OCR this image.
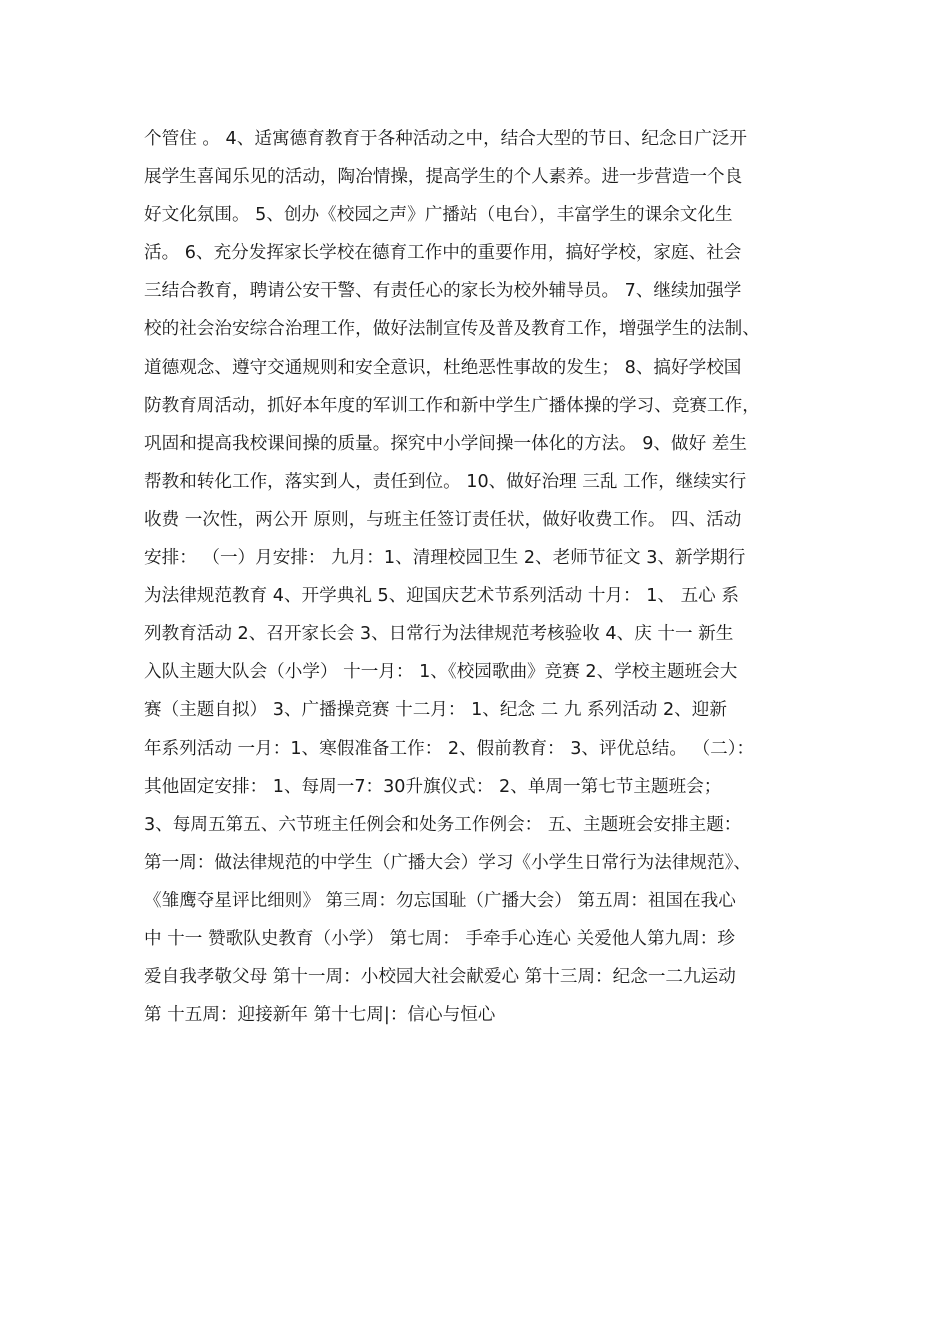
个管住 。 4、适寓德育教育于各种活动之中，结合大型的节日、纪念日广泛开
展学生喜闻乐见的活动，陶冶情操，提高学生的个人素养。进一步营造一个良
好文化氛围。 5、创办《校园之声》广播站（电台），丰富学生的课余文化生
活。 6、充分发挥家长学校在德育工作中的重要作用，搞好学校，家庭、社会
三结合教育，聘请公安干警、有责任心的家长为校外辅导员。 7、继续加强学
校的社会治安综合治理工作，做好法制宣传及普及教育工作，增强学生的法制、
道德观念、遵守交通规则和安全意识，杜绝恶性事故的发生； 8、搞好学校国
防教育周活动，抓好本年度的军训工作和新中学生广播体操的学习、竞赛工作，
巩固和提高我校课间操的质量。探究中小学间操一体化的方法。 9、做好 差生
帮教和转化工作，落实到人，责任到位。 10、做好治理 三乱 工作，继续实行
收费 一次性，两公开 原则，与班主任签订责任状，做好收费工作。 四、活动
安排： （一）月安排： 九月：1、清理校园卫生 2、老师节征文 3、新学期行
为法律规范教育 4、开学典礼 5、迎国庆艺术节系列活动 十月： 1、 五心 系
列教育活动 2、召开家长会 3、日常行为法律规范考核验收 4、庆 十一 新生
入队主题大队会（小学） 十一月： 1、《校园歌曲》竞赛 2、学校主题班会大
赛（主题自拟） 3、广播操竞赛 十二月： 1、纪念 二 九 系列活动 2、迎新
年系列活动 一月：1、寒假准备工作： 2、假前教育： 3、评优总结。 （二）：
其他固定安排： 1、每周一7：30升旗仪式： 2、单周一第七节主题班会；
3、每周五第五、六节班主任例会和处务工作例会： 五、主题班会安排主题：
第一周：做法律规范的中学生（广播大会）学习《小学生日常行为法律规范》、
《雏鹰夺星评比细则》 第三周：勿忘国耻（广播大会） 第五周：祖国在我心
中 十一 赞歌队史教育（小学） 第七周： 手牵手心连心 关爱他人第九周：珍
爱自我孝敬父母 第十一周：小校园大社会献爱心 第十三周：纪念一二九运动
第 十五周：迎接新年 第十七周|：信心与恒心
